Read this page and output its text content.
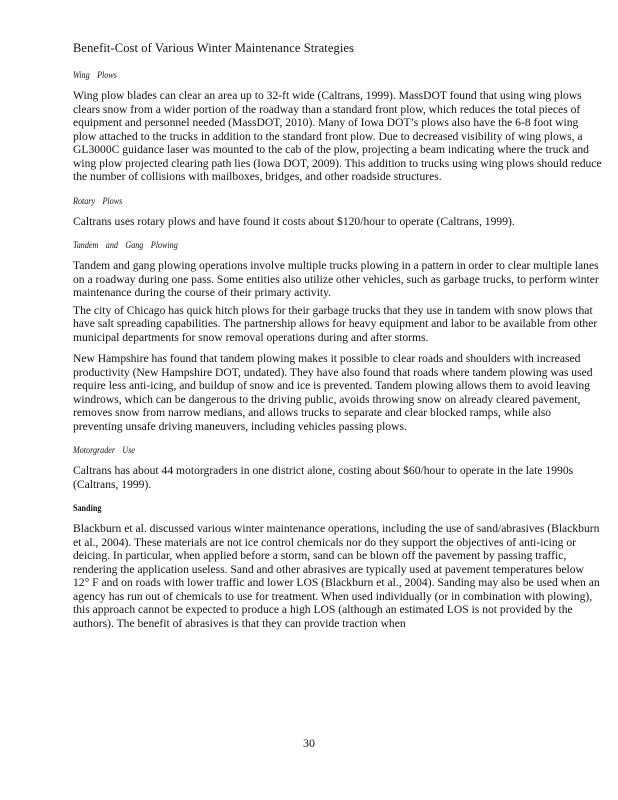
Benefit-Cost of Various Winter Maintenance Strategies
Wing Plows

Wing plow blades can clear an area up to 32-ft wide (Caltrans, 1999). MassDOT found that using wing plows clears snow from a wider portion of the roadway than a standard front plow, which reduces the total pieces of equipment and personnel needed (MassDOT, 2010). Many of Iowa DOT’s plows also have the 6-8 foot wing plow attached to the trucks in addition to the standard front plow. Due to decreased visibility of wing plows, a GL3000C guidance laser was mounted to the cab of the plow, projecting a beam indicating where the truck and wing plow projected clearing path lies (Iowa DOT, 2009). This addition to trucks using wing plows should reduce the number of collisions with mailboxes, bridges, and other roadside structures.

Rotary Plows

Caltrans uses rotary plows and have found it costs about $120/hour to operate (Caltrans, 1999).

Tandem and Gang Plowing

Tandem and gang plowing operations involve multiple trucks plowing in a pattern in order to clear multiple lanes on a roadway during one pass. Some entities also utilize other vehicles, such as garbage trucks, to perform winter maintenance during the course of their primary activity.

The city of Chicago has quick hitch plows for their garbage trucks that they use in tandem with snow plows that have salt spreading capabilities. The partnership allows for heavy equipment and labor to be available from other municipal departments for snow removal operations during and after storms.

New Hampshire has found that tandem plowing makes it possible to clear roads and shoulders with increased productivity (New Hampshire DOT, undated). They have also found that roads where tandem plowing was used require less anti-icing, and buildup of snow and ice is prevented. Tandem plowing allows them to avoid leaving windrows, which can be dangerous to the driving public, avoids throwing snow on already cleared pavement, removes snow from narrow medians, and allows trucks to separate and clear blocked ramps, while also preventing unsafe driving maneuvers, including vehicles passing plows.

Motorgrader Use

Caltrans has about 44 motorgraders in one district alone, costing about $60/hour to operate in the late 1990s (Caltrans, 1999).

Sanding

Blackburn et al. discussed various winter maintenance operations, including the use of sand/abrasives (Blackburn et al., 2004). These materials are not ice control chemicals nor do they support the objectives of anti-icing or deicing. In particular, when applied before a storm, sand can be blown off the pavement by passing traffic, rendering the application useless. Sand and other abrasives are typically used at pavement temperatures below 12° F and on roads with lower traffic and lower LOS (Blackburn et al., 2004). Sanding may also be used when an agency has run out of chemicals to use for treatment. When used individually (or in combination with plowing), this approach cannot be expected to produce a high LOS (although an estimated LOS is not provided by the authors). The benefit of abrasives is that they can provide traction when

30
